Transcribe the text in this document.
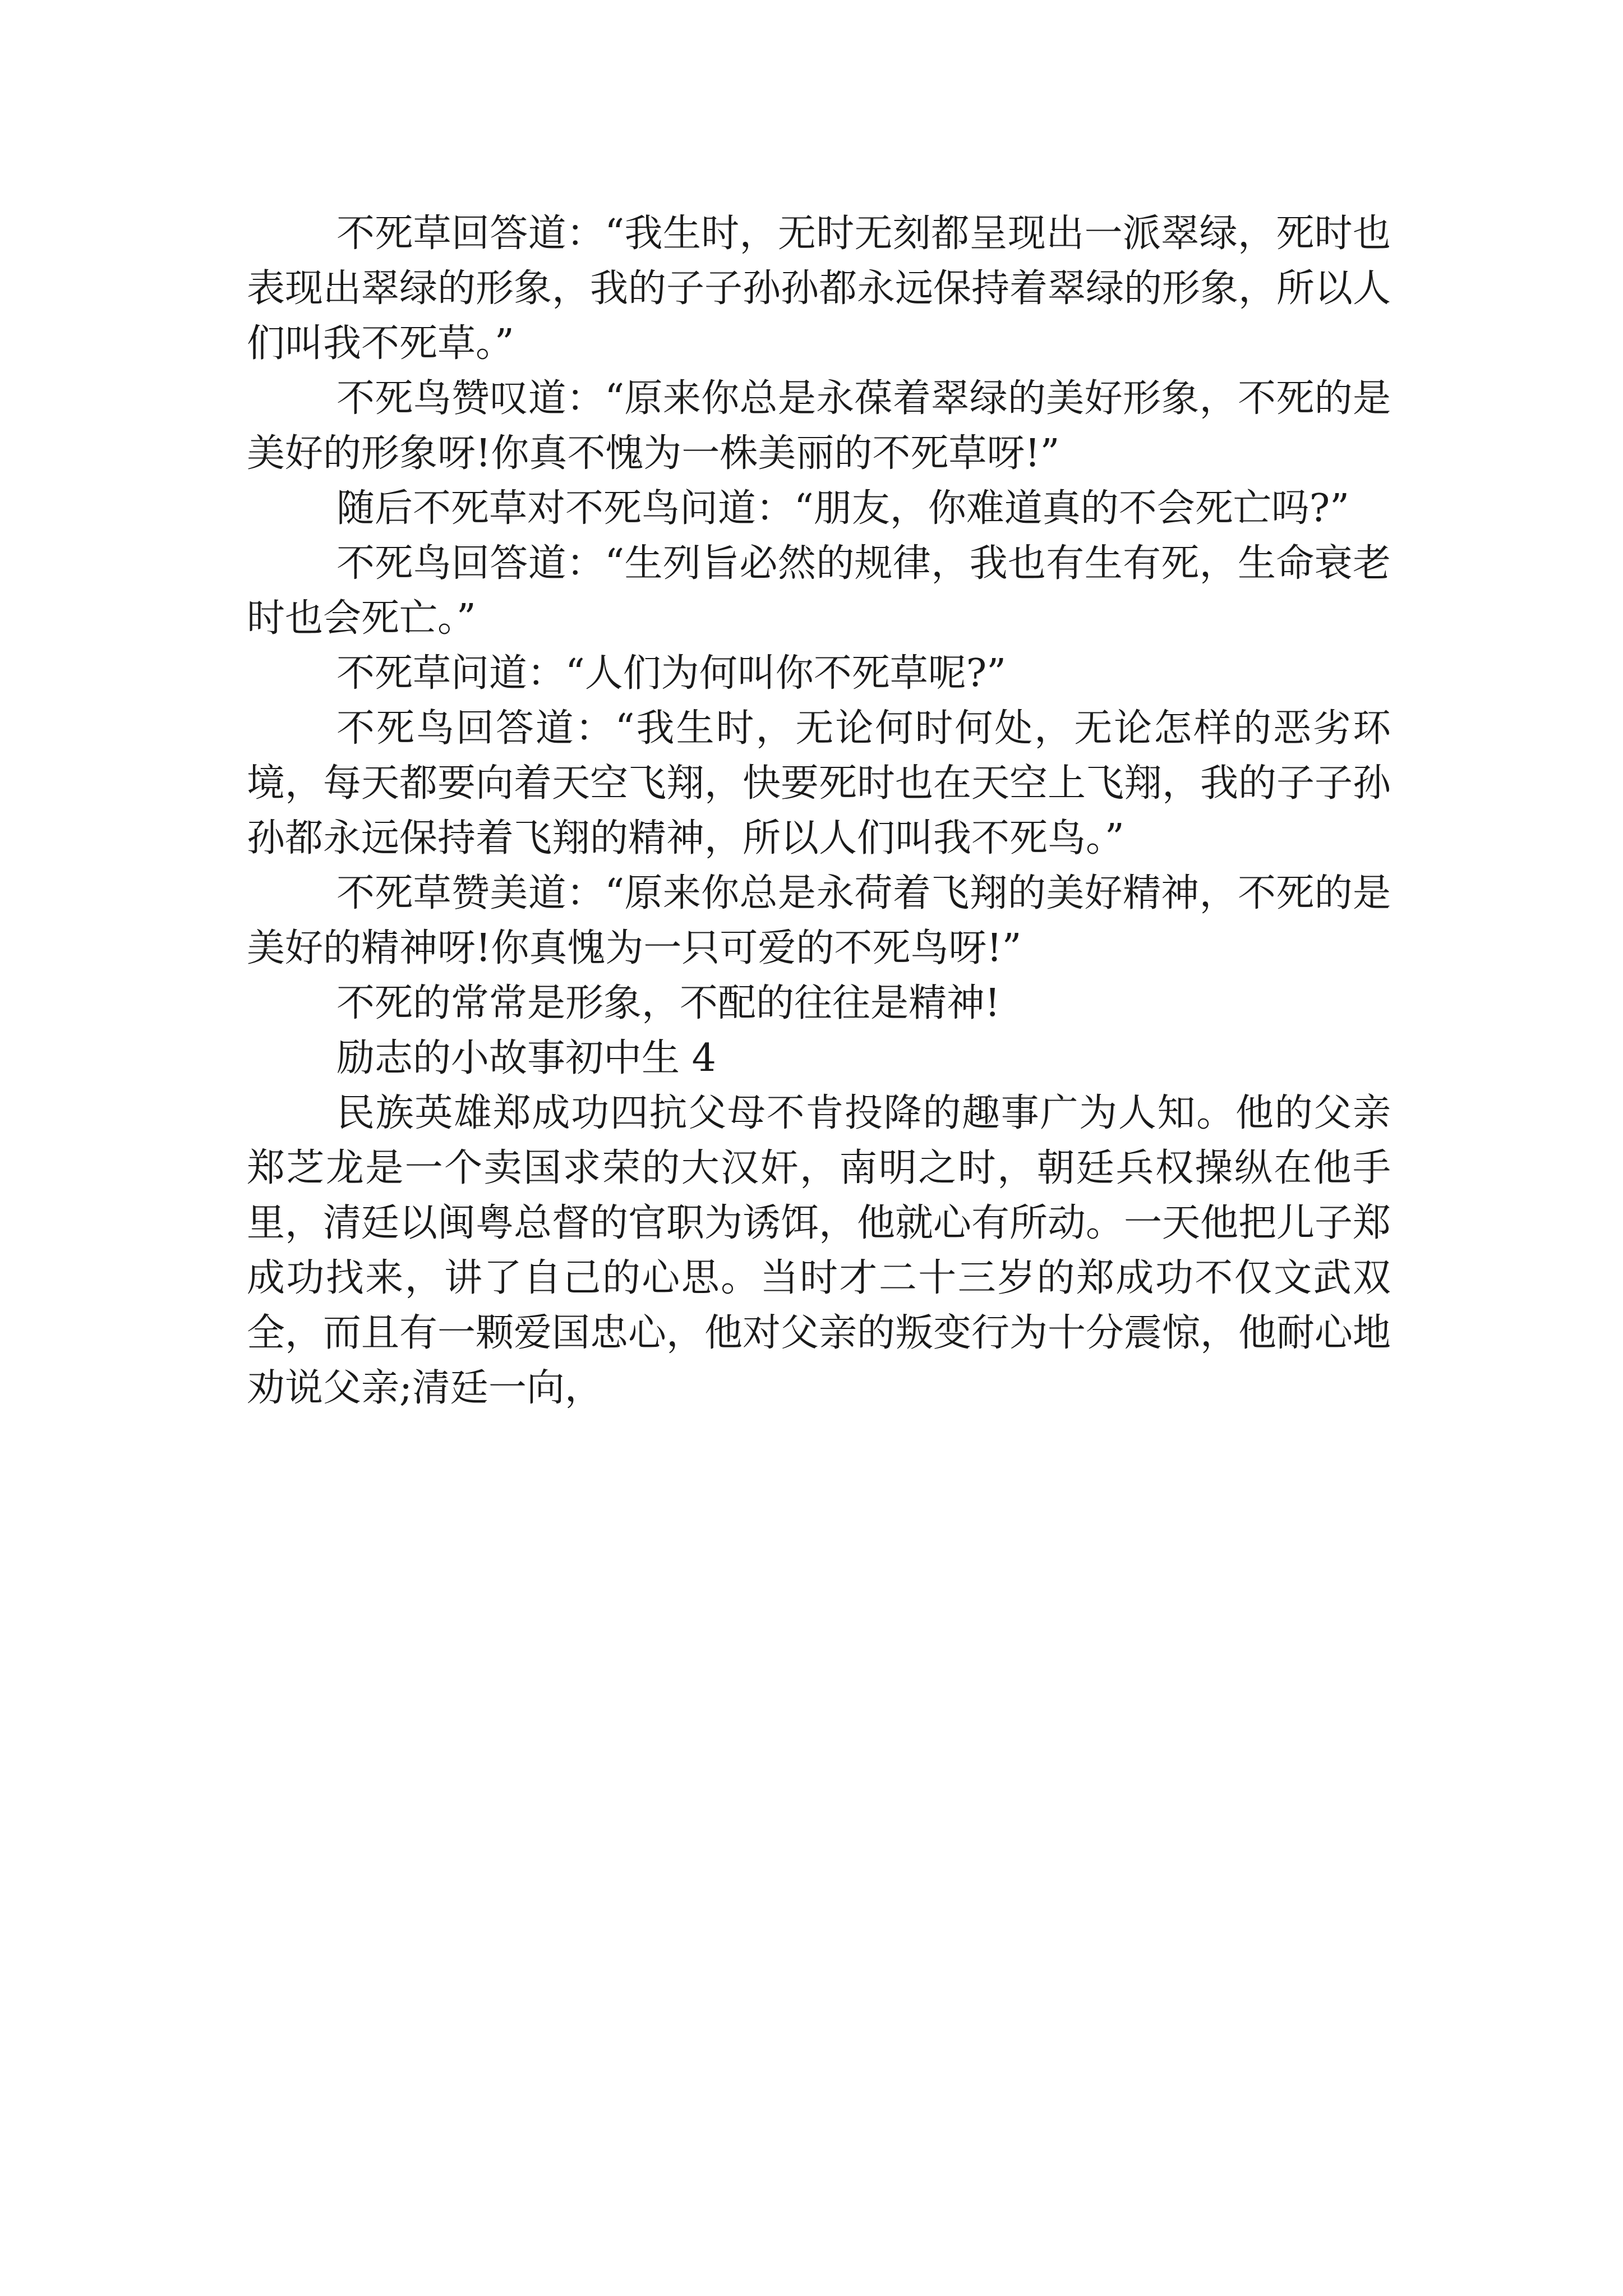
不死草回答道：“我生时，无时无刻都呈现出一派翠绿，死时也表现出翠绿的形象，我的子子孙孙都永远保持着翠绿的形象，所以人们叫我不死草。”

不死鸟赞叹道：“原来你总是永葆着翠绿的美好形象，不死的是美好的形象呀!你真不愧为一株美丽的不死草呀!”

随后不死草对不死鸟问道：“朋友，你难道真的不会死亡吗?”

不死鸟回答道：“生列旨必然的规律，我也有生有死，生命衰老时也会死亡。”

不死草问道：“人们为何叫你不死草呢?”

不死鸟回答道：“我生时，无论何时何处，无论怎样的恶劣环境，每天都要向着天空飞翔，快要死时也在天空上飞翔，我的子子孙孙都永远保持着飞翔的精神，所以人们叫我不死鸟。”

不死草赞美道：“原来你总是永荷着飞翔的美好精神，不死的是美好的精神呀!你真愧为一只可爱的不死鸟呀!”

不死的常常是形象，不配的往往是精神!

励志的小故事初中生 4

民族英雄郑成功四抗父母不肯投降的趣事广为人知。他的父亲郑芝龙是一个卖国求荣的大汉奸，南明之时，朝廷兵权操纵在他手里，清廷以闽粤总督的官职为诱饵，他就心有所动。一天他把儿子郑成功找来，讲了自己的心思。当时才二十三岁的郑成功不仅文武双全，而且有一颗爱国忠心，他对父亲的叛变行为十分震惊，他耐心地劝说父亲;清廷一向，
